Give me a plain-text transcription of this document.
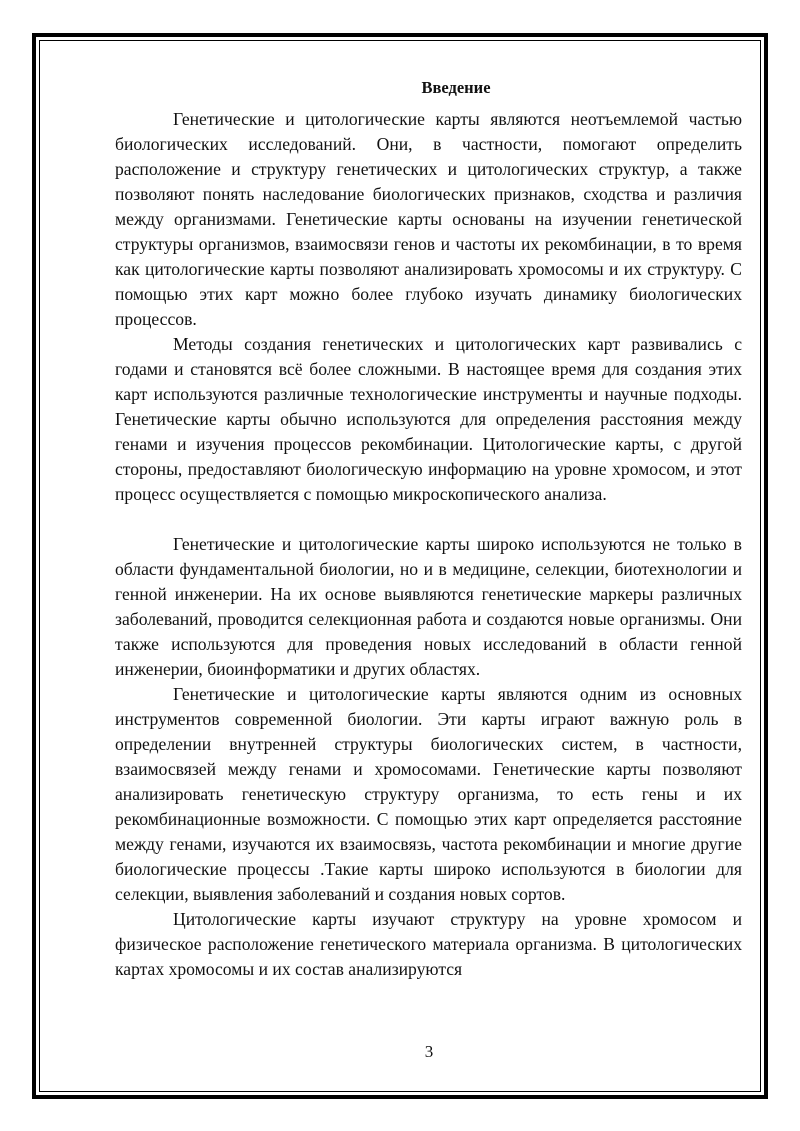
Введение

Генетические и цитологические карты являются неотъемлемой частью биологических исследований. Они, в частности, помогают определить расположение и структуру генетических и цитологических структур, а также позволяют понять наследование биологических признаков, сходства и различия между организмами. Генетические карты основаны на изучении генетической структуры организмов, взаимосвязи генов и частоты их рекомбинации, в то время как цитологические карты позволяют анализировать хромосомы и их структуру. С помощью этих карт можно более глубоко изучать динамику биологических процессов.

Методы создания генетических и цитологических карт развивались с годами и становятся всё более сложными. В настоящее время для создания этих карт используются различные технологические инструменты и научные подходы. Генетические карты обычно используются для определения расстояния между генами и изучения процессов рекомбинации. Цитологические карты, с другой стороны, предоставляют биологическую информацию на уровне хромосом, и этот процесс осуществляется с помощью микроскопического анализа.

Генетические и цитологические карты широко используются не только в области фундаментальной биологии, но и в медицине, селекции, биотехнологии и генной инженерии. На их основе выявляются генетические маркеры различных заболеваний, проводится селекционная работа и создаются новые организмы. Они также используются для проведения новых исследований в области генной инженерии, биоинформатики и других областях.

Генетические и цитологические карты являются одним из основных инструментов современной биологии. Эти карты играют важную роль в определении внутренней структуры биологических систем, в частности, взаимосвязей между генами и хромосомами. Генетические карты позволяют анализировать генетическую структуру организма, то есть гены и их рекомбинационные возможности. С помощью этих карт определяется расстояние между генами, изучаются их взаимосвязь, частота рекомбинации и многие другие биологические процессы .Такие карты широко используются в биологии для селекции, выявления заболеваний и создания новых сортов.

Цитологические карты изучают структуру на уровне хромосом и физическое расположение генетического материала организма. В цитологических картах хромосомы и их состав анализируются

3
